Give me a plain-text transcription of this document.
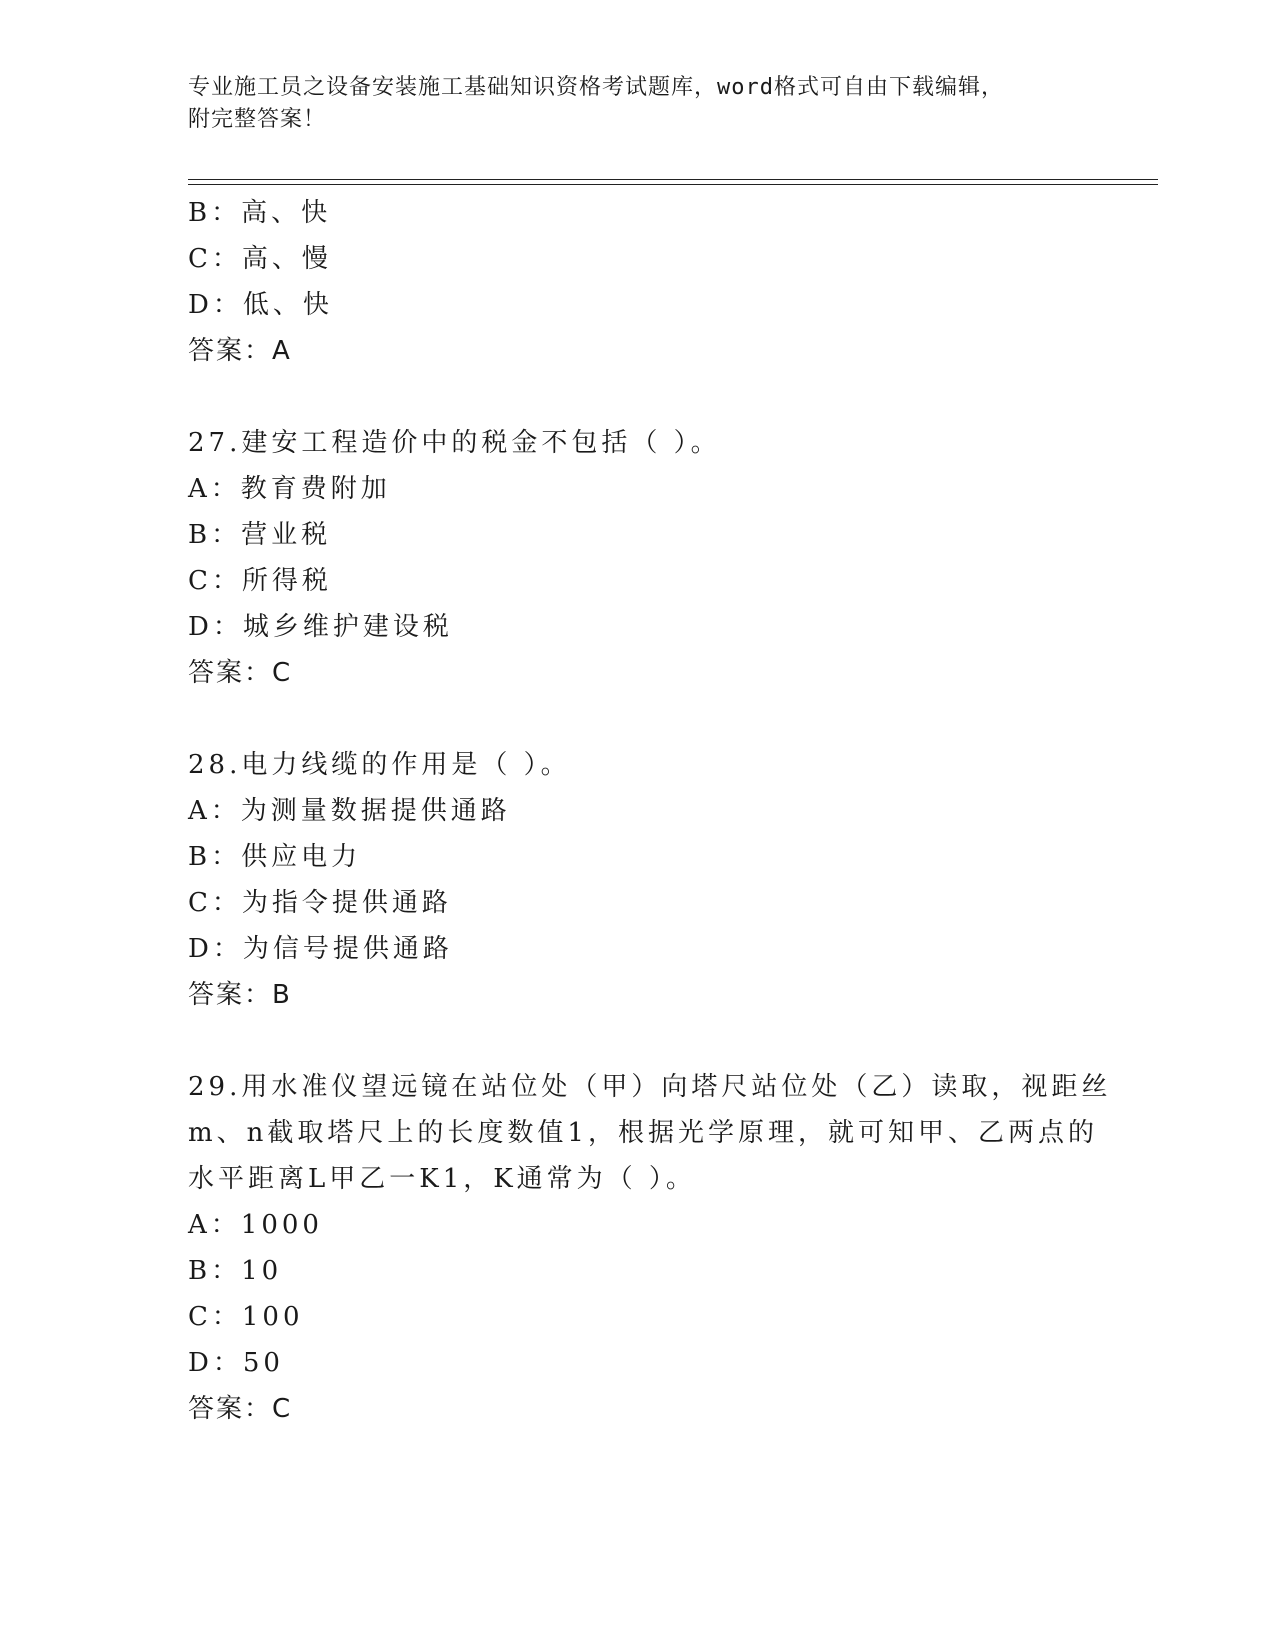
专业施工员之设备安装施工基础知识资格考试题库，word格式可自由下载编辑，
附完整答案！
B：高、快
C：高、慢
D：低、快
答案：A
27.建安工程造价中的税金不包括（ ）。
A：教育费附加
B：营业税
C：所得税
D：城乡维护建设税
答案：C
28.电力线缆的作用是（ ）。
A：为测量数据提供通路
B：供应电力
C：为指令提供通路
D：为信号提供通路
答案：B
29.用水准仪望远镜在站位处（甲）向塔尺站位处（乙）读取，视距丝
m、n截取塔尺上的长度数值1，根据光学原理，就可知甲、乙两点的
水平距离L甲乙一K1，K通常为（ ）。
A：1000
B：10
C：100
D：50
答案：C
